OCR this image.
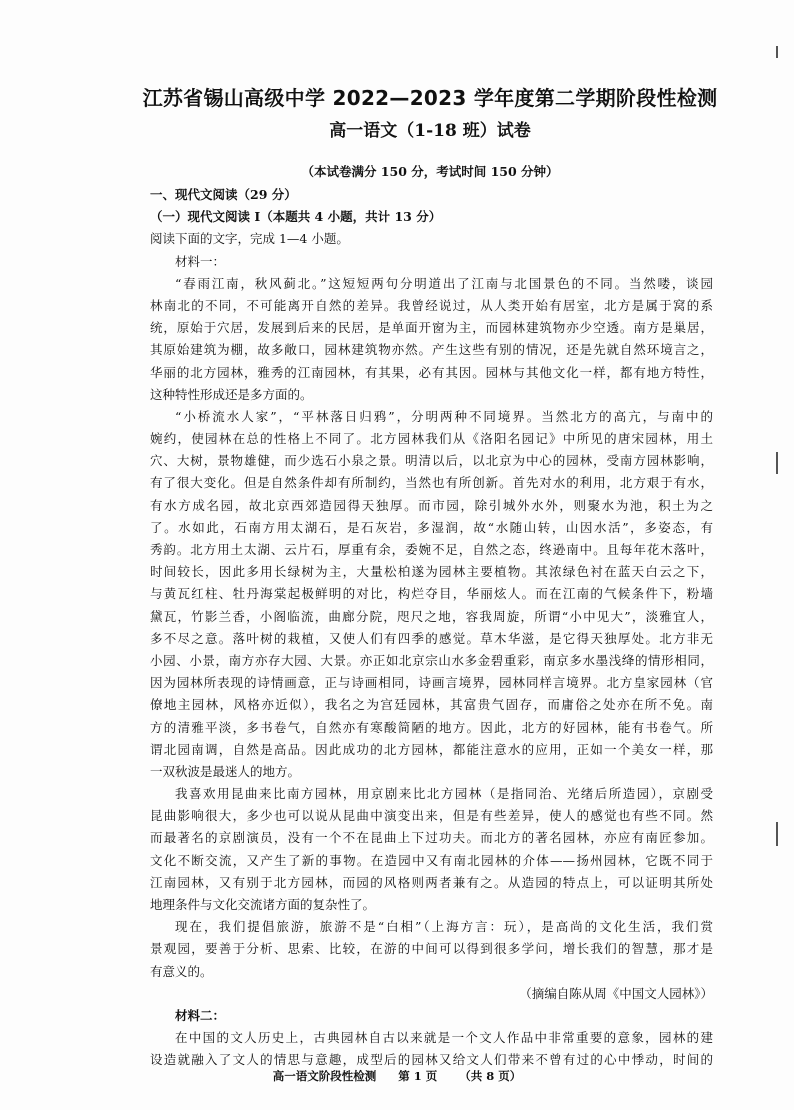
江苏省锡山高级中学 2022—2023 学年度第二学期阶段性检测
高一语文（1-18 班）试卷
（本试卷满分 150 分，考试时间 150 分钟）
一、现代文阅读（29 分）
（一）现代文阅读 I（本题共 4 小题，共计 13 分）
阅读下面的文字，完成 1—4 小题。
材料一：
“春雨江南，秋风蓟北。”这短短两句分明道出了江南与北国景色的不同。当然喽，谈园
林南北的不同，不可能离开自然的差异。我曾经说过，从人类开始有居室，北方是属于窝的系
统，原始于穴居，发展到后来的民居，是单面开窗为主，而园林建筑物亦少空透。南方是巢居，
其原始建筑为棚，故多敞口，园林建筑物亦然。产生这些有别的情况，还是先就自然环境言之，
华丽的北方园林，雅秀的江南园林，有其果，必有其因。园林与其他文化一样，都有地方特性，
这种特性形成还是多方面的。
“小桥流水人家”，“平林落日归鸦”，分明两种不同境界。当然北方的高亢，与南中的
婉约，使园林在总的性格上不同了。北方园林我们从《洛阳名园记》中所见的唐宋园林，用土
穴、大树，景物雄健，而少选石小泉之景。明清以后，以北京为中心的园林，受南方园林影响，
有了很大变化。但是自然条件却有所制约，当然也有所创新。首先对水的利用，北方艰于有水，
有水方成名园，故北京西郊造园得天独厚。而市园，除引城外水外，则聚水为池，积土为之
了。水如此，石南方用太湖石，是石灰岩，多湿润，故“水随山转，山因水活”，多姿态，有
秀韵。北方用土太湖、云片石，厚重有余，委婉不足，自然之态，终逊南中。且每年花木落叶，
时间较长，因此多用长绿树为主，大量松柏遂为园林主要植物。其浓绿色衬在蓝天白云之下，
与黄瓦红柱、牡丹海棠起极鲜明的对比，构烂夺目，华丽炫人。而在江南的气候条件下，粉墙
黛瓦，竹影兰香，小阁临流，曲廊分院，咫尺之地，容我周旋，所谓“小中见大”，淡雅宜人，
多不尽之意。落叶树的栽植，又使人们有四季的感觉。草木华滋，是它得天独厚处。北方非无
小园、小景，南方亦存大园、大景。亦正如北京宗山水多金碧重彩，南京多水墨浅绛的情形相同，
因为园林所表现的诗情画意，正与诗画相同，诗画言境界，园林同样言境界。北方皇家园林（官
僚地主园林，风格亦近似），我名之为宫廷园林，其富贵气固存，而庸俗之处亦在所不免。南
方的清雅平淡，多书卷气，自然亦有寒酸简陋的地方。因此，北方的好园林，能有书卷气。所
谓北园南调，自然是高品。因此成功的北方园林，都能注意水的应用，正如一个美女一样，那
一双秋波是最迷人的地方。
我喜欢用昆曲来比南方园林，用京剧来比北方园林（是指同治、光绪后所造园），京剧受
昆曲影响很大，多少也可以说从昆曲中演变出来，但是有些差异，使人的感觉也有些不同。然
而最著名的京剧演员，没有一个不在昆曲上下过功夫。而北方的著名园林，亦应有南匠参加。
文化不断交流，又产生了新的事物。在造园中又有南北园林的介体——扬州园林，它既不同于
江南园林，又有别于北方园林，而园的风格则两者兼有之。从造园的特点上，可以证明其所处
地理条件与文化交流诸方面的复杂性了。
现在，我们提倡旅游，旅游不是“白相”（上海方言：玩），是高尚的文化生活，我们赏
景观园，要善于分析、思索、比较，在游的中间可以得到很多学问，增长我们的智慧，那才是
有意义的。
（摘编自陈从周《中国文人园林》）
材料二：
在中国的文人历史上，古典园林自古以来就是一个文人作品中非常重要的意象，园林的建
设造就融入了文人的情思与意趣，成型后的园林又给文人们带来不曾有过的心中悸动，时间的
高一语文阶段性检测 第 1 页 （共 8 页）
